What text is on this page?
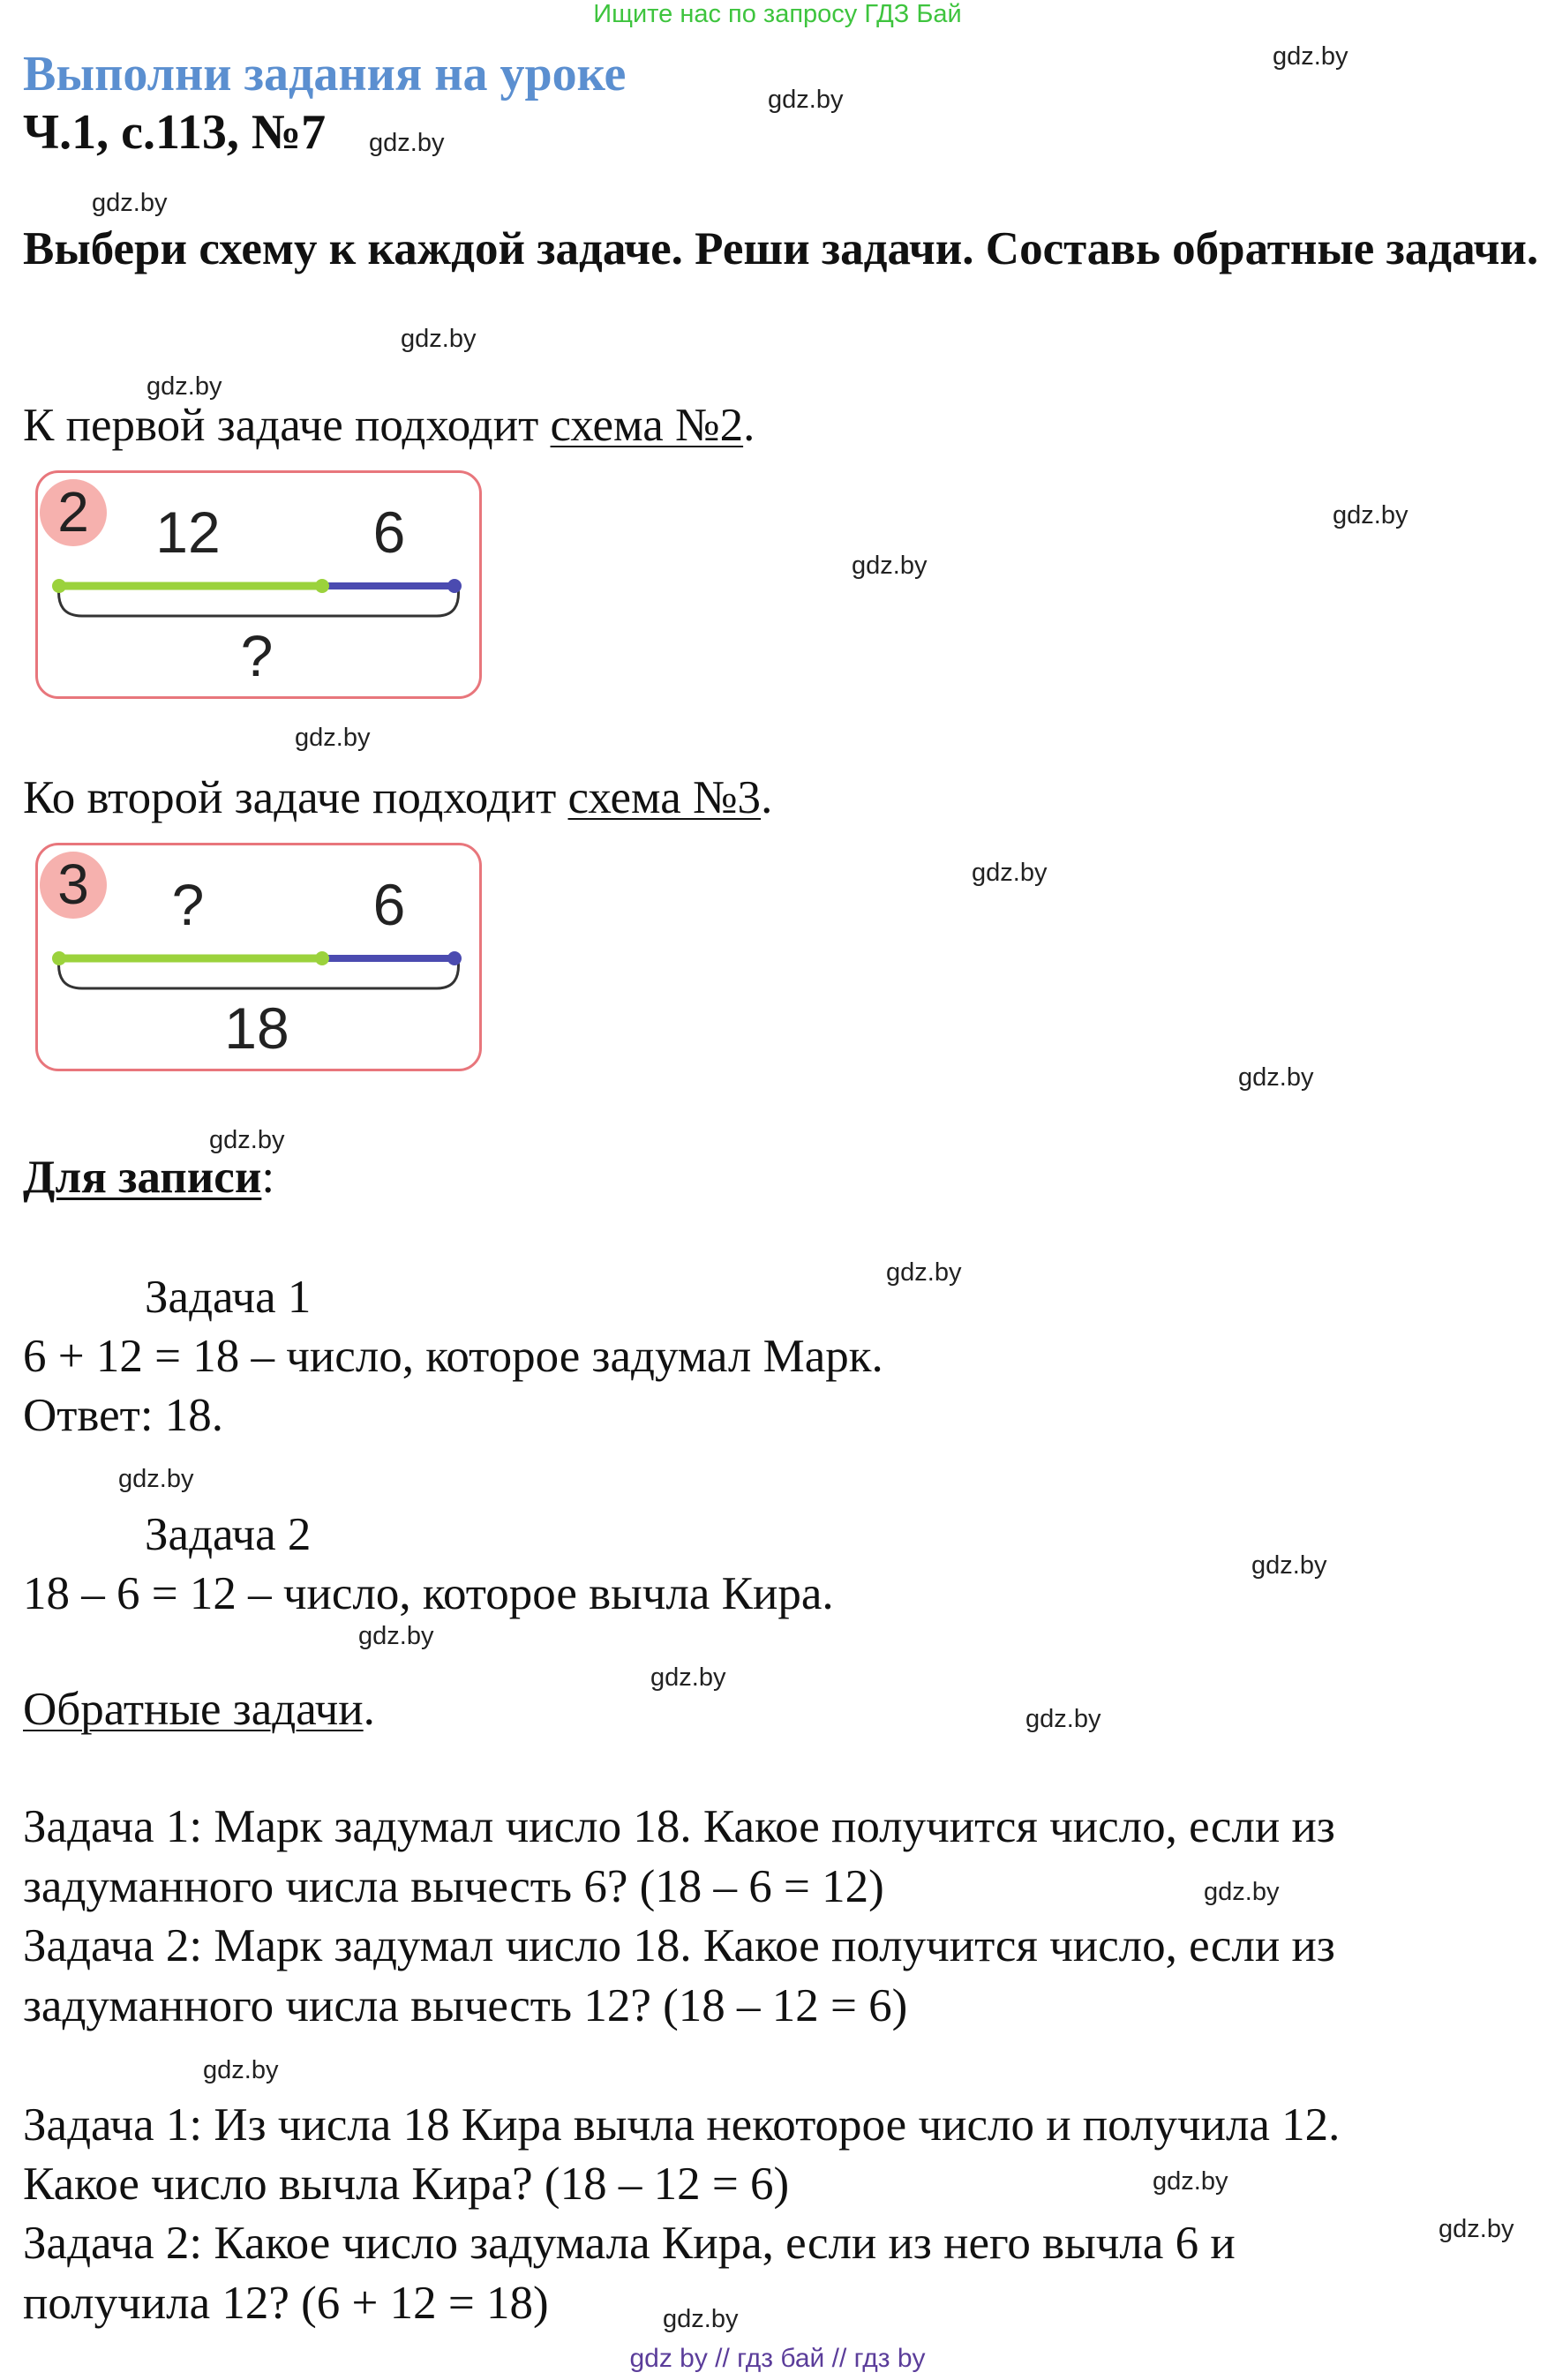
Ищите нас по запросу ГДЗ Бай
Выполни задания на уроке
Ч.1, с.113, №7
gdz.by
gdz.by
gdz.by
gdz.by
gdz.by
gdz.by
gdz.by
gdz.by
gdz.by
gdz.by
gdz.by
gdz.by
gdz.by
gdz.by
gdz.by
gdz.by
gdz.by
gdz.by
gdz.by
gdz.by
gdz.by
gdz.by
gdz.by
Выбери схему к каждой задаче. Реши задачи. Составь обратные задачи.
К первой задаче подходит схема №2.
2 12	6
?
Ко второй задаче подходит схема №3.
3 ?	6
18
Для записи:
Задача 1
6 + 12 = 18 – число, которое задумал Марк.
Ответ: 18.
Задача 2
18 – 6 = 12 – число, которое вычла Кира.
Обратные задачи.
Задача 1: Марк задумал число 18. Какое получится число, если из
задуманного числа вычесть 6? (18 – 6 = 12)
Задача 2: Марк задумал число 18. Какое получится число, если из
задуманного числа вычесть 12? (18 – 12 = 6)
Задача 1: Из числа 18 Кира вычла некоторое число и получила 12.
Какое число вычла Кира? (18 – 12 = 6)
Задача 2: Какое число задумала Кира, если из него вычла 6 и
получила 12? (6 + 12 = 18)
gdz by // гдз бай // гдз by
